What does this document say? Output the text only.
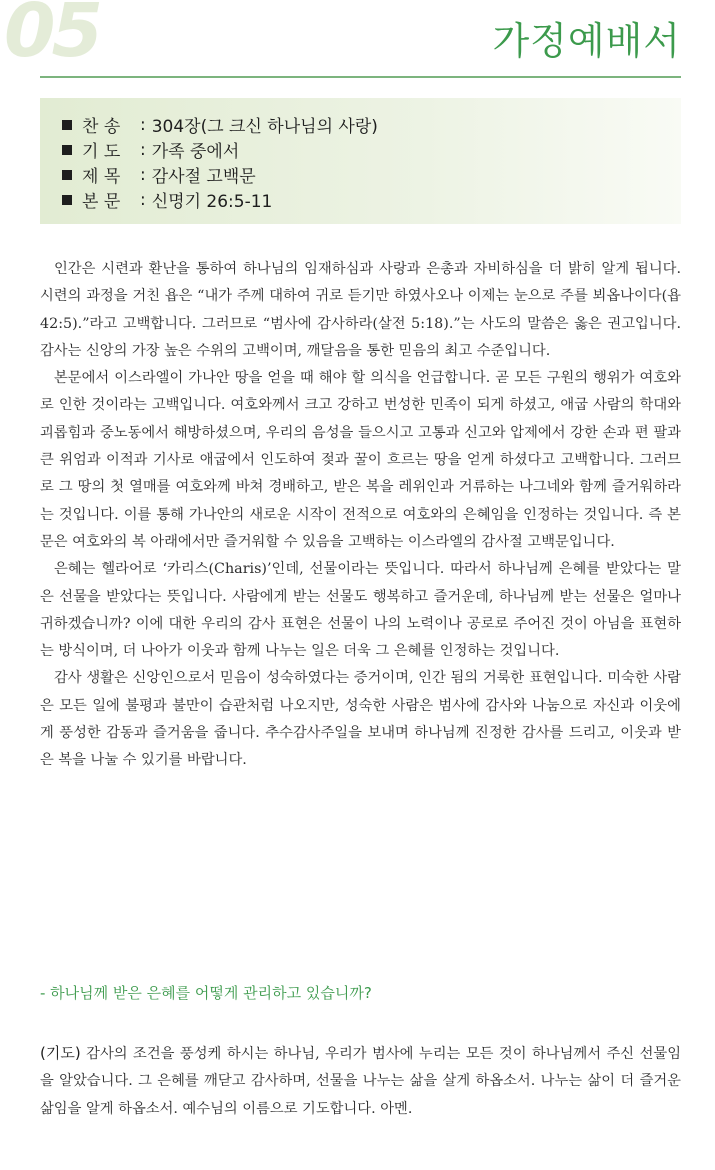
05	가정예배서
찬 송	: 304장(그 크신 하나님의 사랑)
기 도	: 가족 중에서
제 목	: 감사절 고백문
본 문	: 신명기 26:5-11

인간은 시련과 환난을 통하여 하나님의 임재하심과 사랑과 은총과 자비하심을 더 밝히 알게 됩니다. 시련의 과정을 거친 욥은 “내가 주께 대하여 귀로 듣기만 하였사오나 이제는 눈으로 주를 뵈옵나이다(욥 42:5).”라고 고백합니다. 그러므로 “범사에 감사하라(살전 5:18).”는 사도의 말씀은 옳은 권고입니다. 감사는 신앙의 가장 높은 수위의 고백이며, 깨달음을 통한 믿음의 최고 수준입니다.

본문에서 이스라엘이 가나안 땅을 얻을 때 해야 할 의식을 언급합니다. 곧 모든 구원의 행위가 여호와로 인한 것이라는 고백입니다. 여호와께서 크고 강하고 번성한 민족이 되게 하셨고, 애굽 사람의 학대와 괴롭힘과 중노동에서 해방하셨으며, 우리의 음성을 들으시고 고통과 신고와 압제에서 강한 손과 편 팔과 큰 위엄과 이적과 기사로 애굽에서 인도하여 젖과 꿀이 흐르는 땅을 얻게 하셨다고 고백합니다. 그러므로 그 땅의 첫 열매를 여호와께 바쳐 경배하고, 받은 복을 레위인과 거류하는 나그네와 함께 즐거워하라는 것입니다. 이를 통해 가나안의 새로운 시작이 전적으로 여호와의 은혜임을 인정하는 것입니다. 즉 본문은 여호와의 복 아래에서만 즐거워할 수 있음을 고백하는 이스라엘의 감사절 고백문입니다.

은혜는 헬라어로 ‘카리스(Charis)’인데, 선물이라는 뜻입니다. 따라서 하나님께 은혜를 받았다는 말은 선물을 받았다는 뜻입니다. 사람에게 받는 선물도 행복하고 즐거운데, 하나님께 받는 선물은 얼마나 귀하겠습니까? 이에 대한 우리의 감사 표현은 선물이 나의 노력이나 공로로 주어진 것이 아님을 표현하는 방식이며, 더 나아가 이웃과 함께 나누는 일은 더욱 그 은혜를 인정하는 것입니다.

감사 생활은 신앙인으로서 믿음이 성숙하였다는 증거이며, 인간 됨의 거룩한 표현입니다. 미숙한 사람은 모든 일에 불평과 불만이 습관처럼 나오지만, 성숙한 사람은 범사에 감사와 나눔으로 자신과 이웃에게 풍성한 감동과 즐거움을 줍니다. 추수감사주일을 보내며 하나님께 진정한 감사를 드리고, 이웃과 받은 복을 나눌 수 있기를 바랍니다.

- 하나님께 받은 은혜를 어떻게 관리하고 있습니까?
(기도) 감사의 조건을 풍성케 하시는 하나님, 우리가 범사에 누리는 모든 것이 하나님께서 주신 선물임을 알았습니다. 그 은혜를 깨닫고 감사하며, 선물을 나누는 삶을 살게 하옵소서. 나누는 삶이 더 즐거운 삶임을 알게 하옵소서. 예수님의 이름으로 기도합니다. 아멘.
